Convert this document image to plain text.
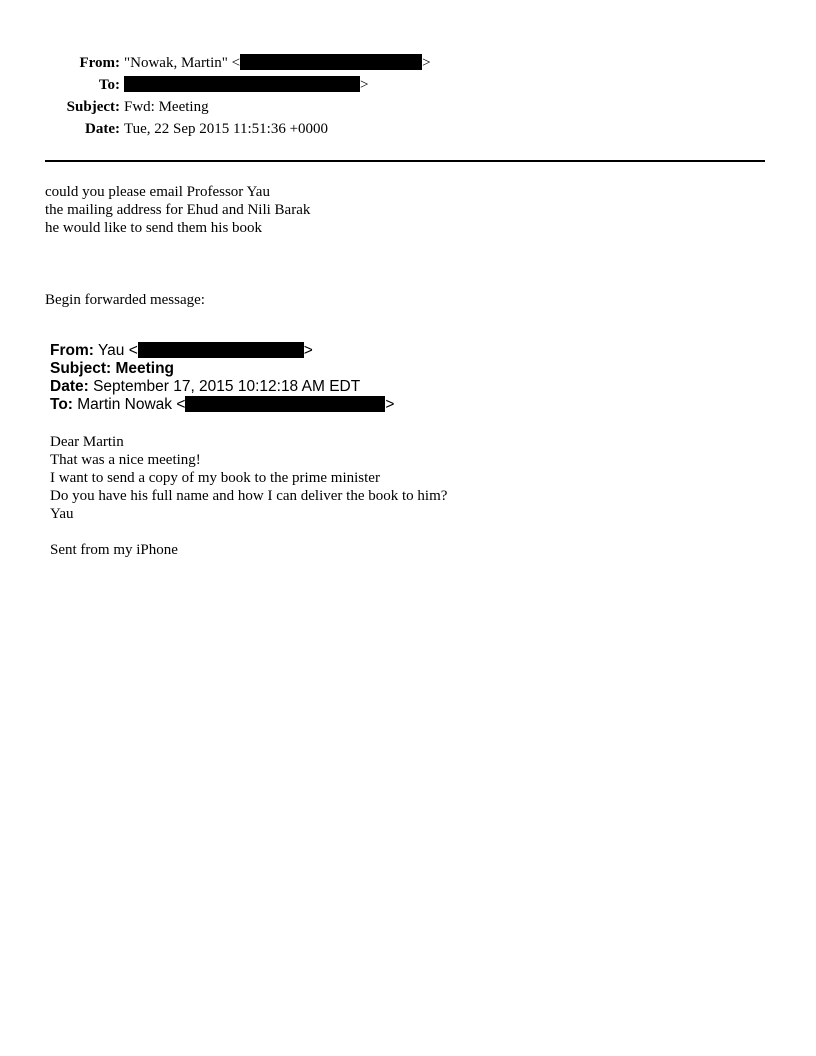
From: "Nowak, Martin" <	>
To:	>
Subject: Fwd: Meeting
Date: Tue, 22 Sep 2015 11:51:36 +0000
could you please email Professor Yau
the mailing address for Ehud and Nili Barak
he would like to send them his book
Begin forwarded message:
From: Yau <	>
Subject: Meeting
Date: September 17, 2015 10:12:18 AM EDT
To: Martin Nowak <	>
Dear Martin
That was a nice meeting!
I want to send a copy of my book to the prime minister
Do you have his full name and how I can deliver the book to him?
Yau
Sent from my iPhone
